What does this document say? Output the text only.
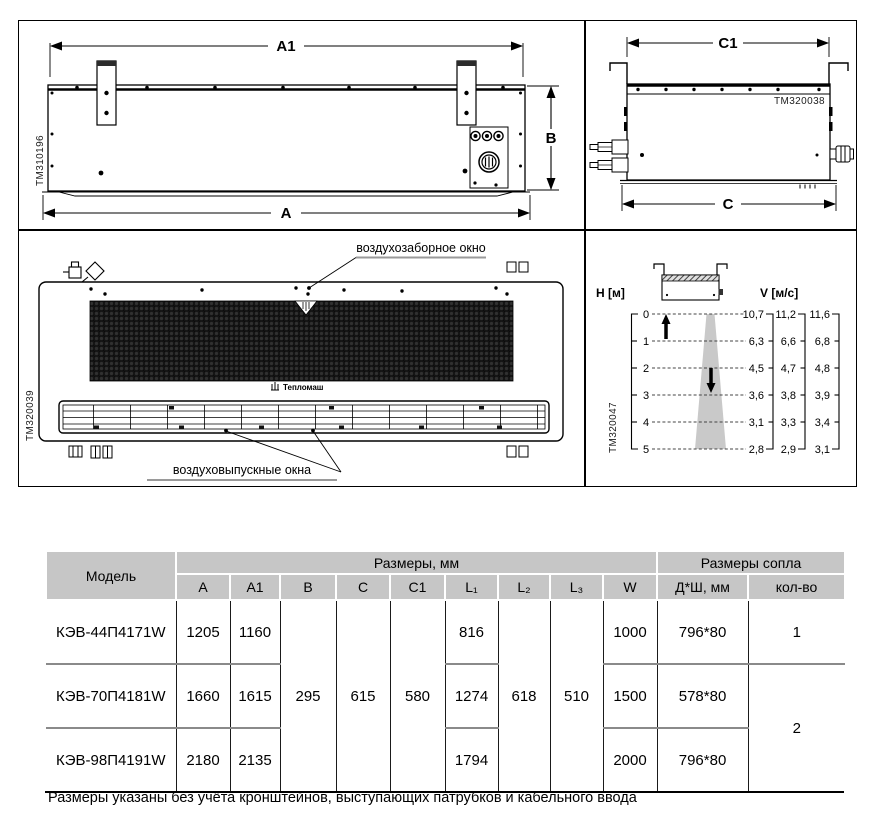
A1
B
A
TM310196
C1
TM320038
C
Тепломаш
воздухозаборное окно
воздуховыпускные окна
TM320039
Н [м]	V [м/с]
0
1
2
3
4
5
10,7
6,3
4,5
3,6
3,1
2,8
11,2
6,6
4,7
3,8
3,3
2,9
11,6
6,8
4,8
3,9
3,4
3,1
TM320047
Модель	Размеры, мм									Размеры сопла	
	A	A1	B	C	C1	L₁	L₂	L₃	W	Д*Ш, мм	кол-во
КЭВ-44П4171W	1205	1160	295	615	580	816	618	510	1000	796*80	1
КЭВ-70П4181W	1660	1615				1274			1500	578*80	2
КЭВ-98П4191W	2180	2135				1794			2000	796*80	
Размеры указаны без учёта кронштейнов, выступающих патрубков и кабельного ввода
